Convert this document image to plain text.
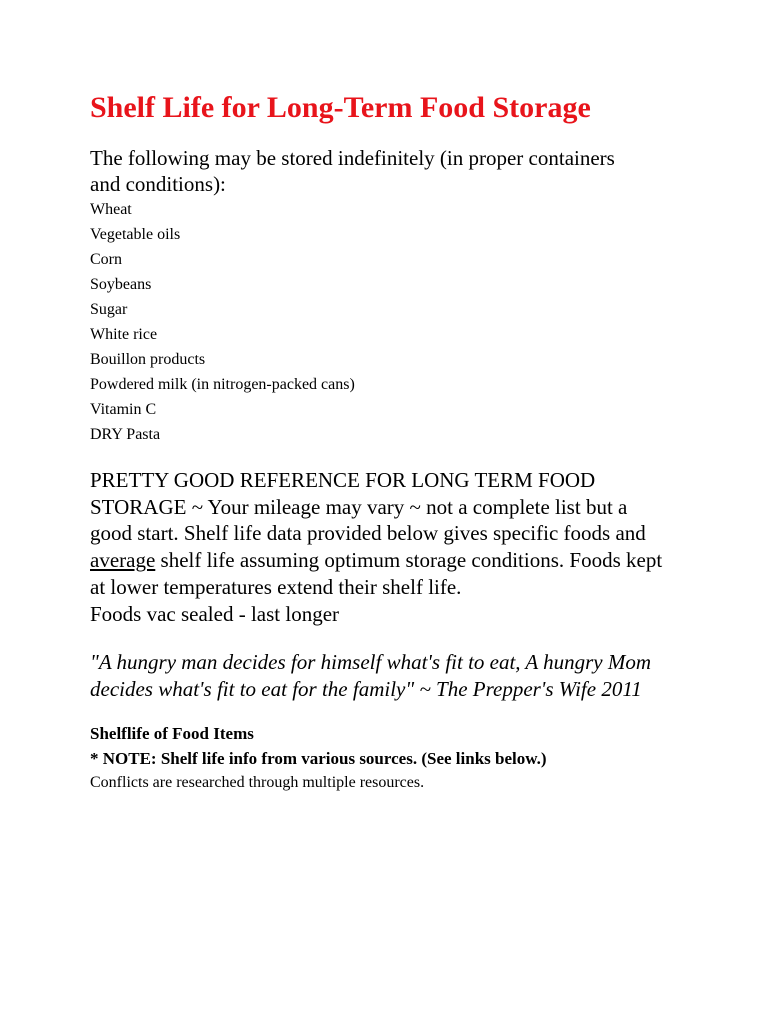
Shelf Life for Long-Term Food Storage

The following may be stored indefinitely (in proper containers and conditions):

Wheat
Vegetable oils
Corn
Soybeans
Sugar
White rice
Bouillon products
Powdered milk (in nitrogen-packed cans)
Vitamin C
DRY Pasta

PRETTY GOOD REFERENCE FOR LONG TERM FOOD STORAGE ~ Your mileage may vary ~ not a complete list but a good start. Shelf life data provided below gives specific foods and average shelf life assuming optimum storage conditions. Foods kept at lower temperatures extend their shelf life.
Foods vac sealed - last longer

"A hungry man decides for himself what's fit to eat, A hungry Mom decides what's fit to eat for the family" ~ The Prepper's Wife 2011

Shelflife of Food Items

* NOTE: Shelf life info from various sources. (See links below.)

Conflicts are researched through multiple resources.
